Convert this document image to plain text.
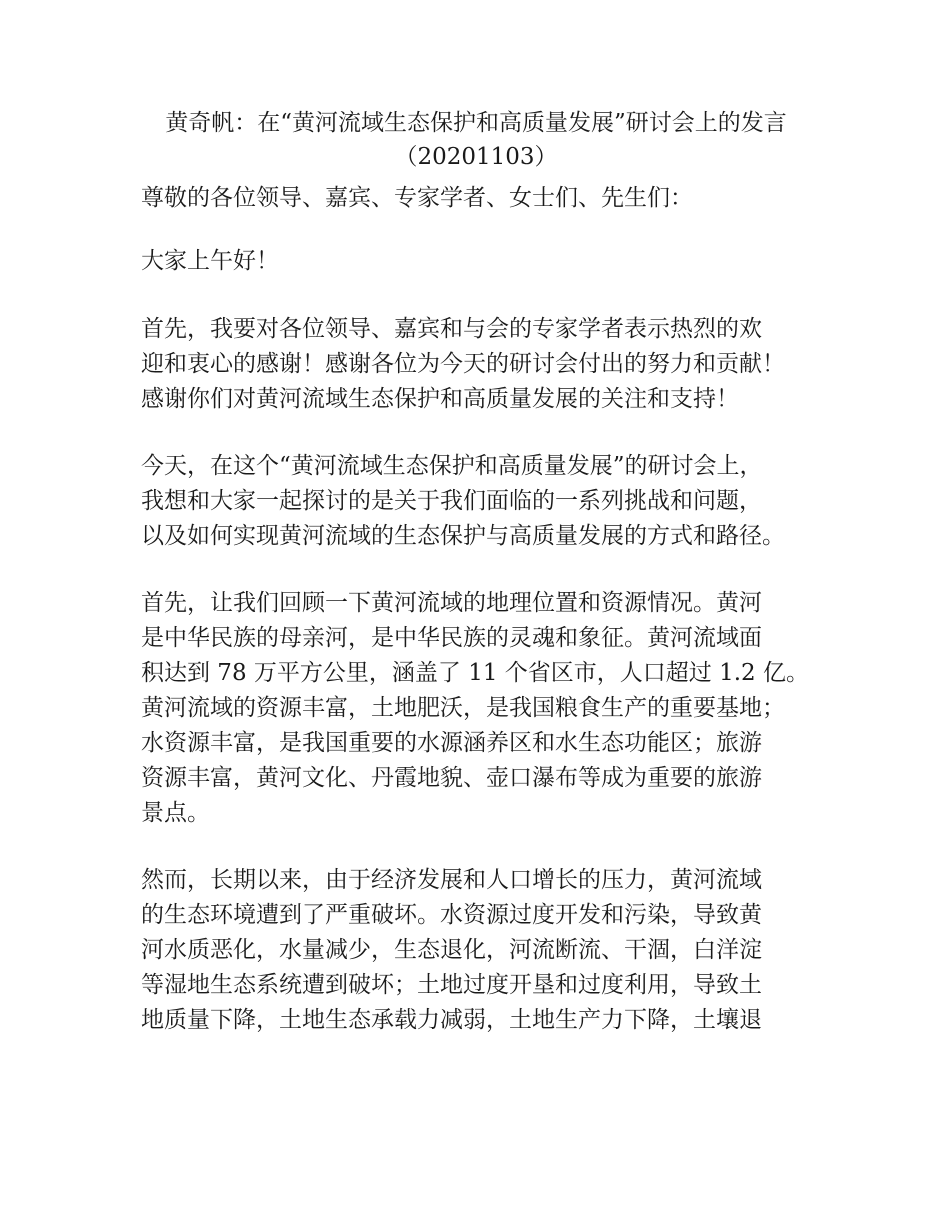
黄奇帆：在“黄河流域生态保护和高质量发展”研讨会上的发言
（20201103）
尊敬的各位领导、嘉宾、专家学者、女士们、先生们：
大家上午好！
首先，我要对各位领导、嘉宾和与会的专家学者表示热烈的欢
迎和衷心的感谢！感谢各位为今天的研讨会付出的努力和贡献！
感谢你们对黄河流域生态保护和高质量发展的关注和支持！
今天，在这个“黄河流域生态保护和高质量发展”的研讨会上，
我想和大家一起探讨的是关于我们面临的一系列挑战和问题，
以及如何实现黄河流域的生态保护与高质量发展的方式和路径。
首先，让我们回顾一下黄河流域的地理位置和资源情况。黄河
是中华民族的母亲河，是中华民族的灵魂和象征。黄河流域面
积达到 78 万平方公里，涵盖了 11 个省区市，人口超过 1.2 亿。
黄河流域的资源丰富，土地肥沃，是我国粮食生产的重要基地；
水资源丰富，是我国重要的水源涵养区和水生态功能区；旅游
资源丰富，黄河文化、丹霞地貌、壶口瀑布等成为重要的旅游
景点。
然而，长期以来，由于经济发展和人口增长的压力，黄河流域
的生态环境遭到了严重破坏。水资源过度开发和污染，导致黄
河水质恶化，水量减少，生态退化，河流断流、干涸，白洋淀
等湿地生态系统遭到破坏；土地过度开垦和过度利用，导致土
地质量下降，土地生态承载力减弱，土地生产力下降，土壤退
